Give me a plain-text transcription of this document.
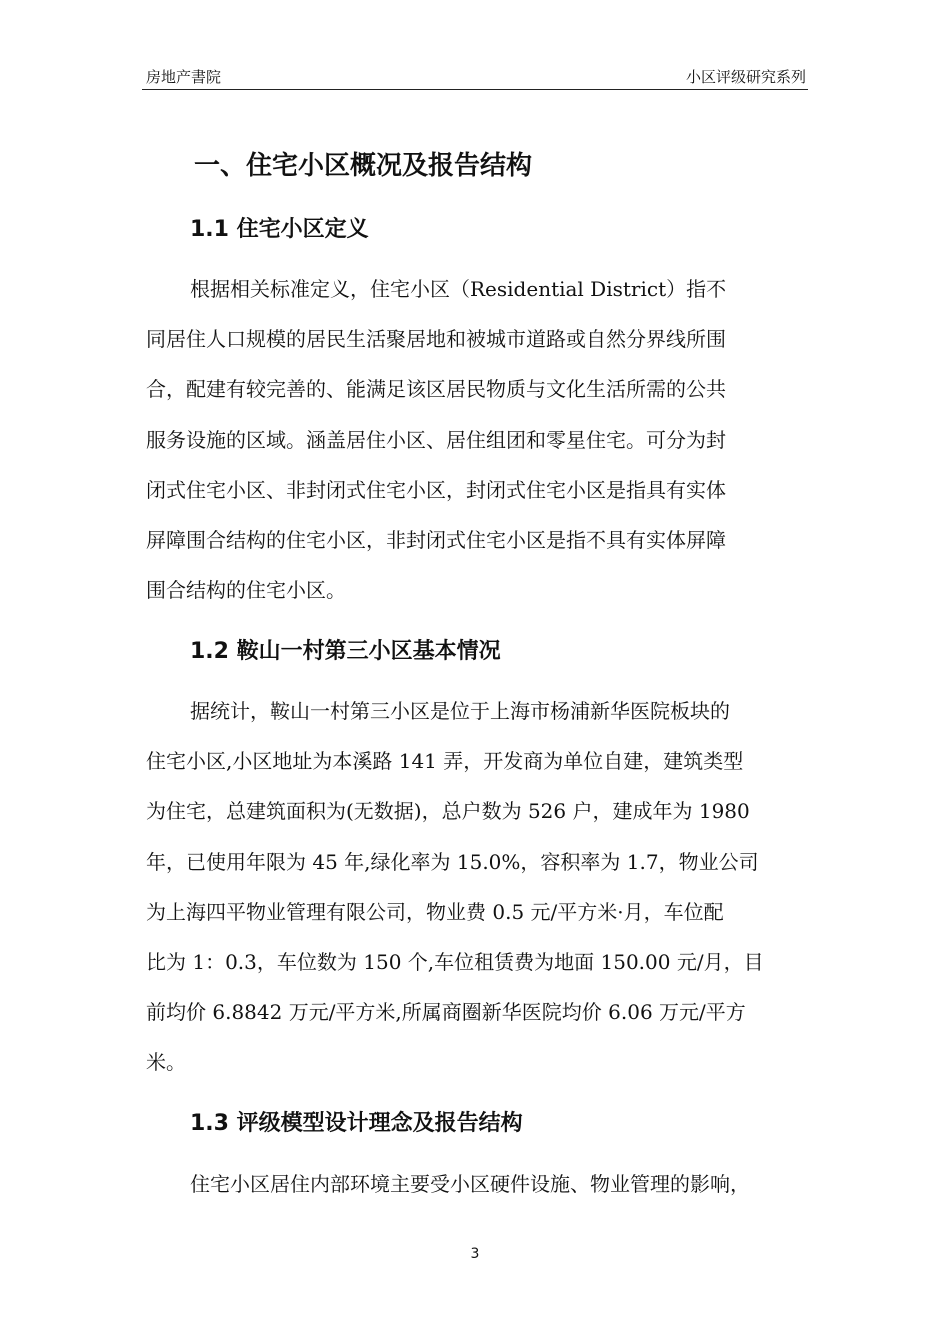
房地产書院	小区评级研究系列
一、住宅小区概况及报告结构
1.1 住宅小区定义
根据相关标准定义，住宅小区（Residential District）指不
同居住人口规模的居民生活聚居地和被城市道路或自然分界线所围
合，配建有较完善的、能满足该区居民物质与文化生活所需的公共
服务设施的区域。涵盖居住小区、居住组团和零星住宅。可分为封
闭式住宅小区、非封闭式住宅小区，封闭式住宅小区是指具有实体
屏障围合结构的住宅小区，非封闭式住宅小区是指不具有实体屏障
围合结构的住宅小区。
1.2 鞍山一村第三小区基本情况
据统计，鞍山一村第三小区是位于上海市杨浦新华医院板块的
住宅小区,小区地址为本溪路 141 弄，开发商为单位自建，建筑类型
为住宅，总建筑面积为(无数据)，总户数为 526 户，建成年为 1980
年，已使用年限为 45 年,绿化率为 15.0%，容积率为 1.7，物业公司
为上海四平物业管理有限公司，物业费 0.5 元/平方米·月，车位配
比为 1：0.3，车位数为 150 个,车位租赁费为地面 150.00 元/月，目
前均价 6.8842 万元/平方米,所属商圈新华医院均价 6.06 万元/平方
米。
1.3 评级模型设计理念及报告结构
住宅小区居住内部环境主要受小区硬件设施、物业管理的影响，
3
